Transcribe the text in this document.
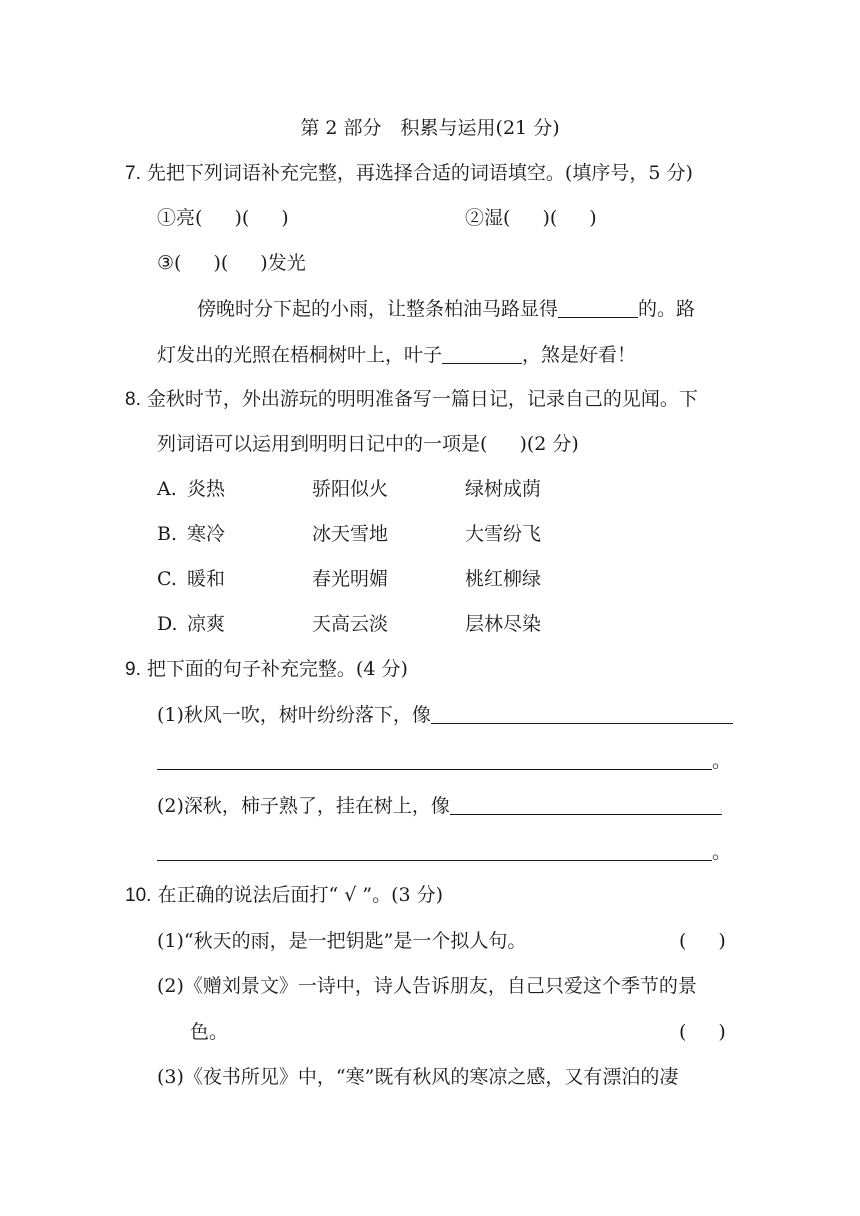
第 2 部分　积累与运用(21 分)
7. 先把下列词语补充完整，再选择合适的词语填空。(填序号，5 分)
①亮( )( )	②湿( )( )
③( )( )发光
傍晚时分下起的小雨，让整条柏油马路显得	的。路
灯发出的光照在梧桐树叶上，叶子	，煞是好看！
8. 金秋时节，外出游玩的明明准备写一篇日记，记录自己的见闻。下
列词语可以运用到明明日记中的一项是( )(2 分)
A. 炎热	骄阳似火	绿树成荫
B. 寒冷	冰天雪地	大雪纷飞
C. 暖和	春光明媚	桃红柳绿
D. 凉爽	天高云淡	层林尽染
9. 把下面的句子补充完整。(4 分)
(1)秋风一吹，树叶纷纷落下，像
。
(2)深秋，柿子熟了，挂在树上，像
。
10. 在正确的说法后面打“ √ ”。(3 分)
(1)“秋天的雨，是一把钥匙”是一个拟人句。	( )
(2)《赠刘景文》一诗中，诗人告诉朋友，自己只爱这个季节的景
色。	( )
(3)《夜书所见》中，“寒”既有秋风的寒凉之感，又有漂泊的凄
